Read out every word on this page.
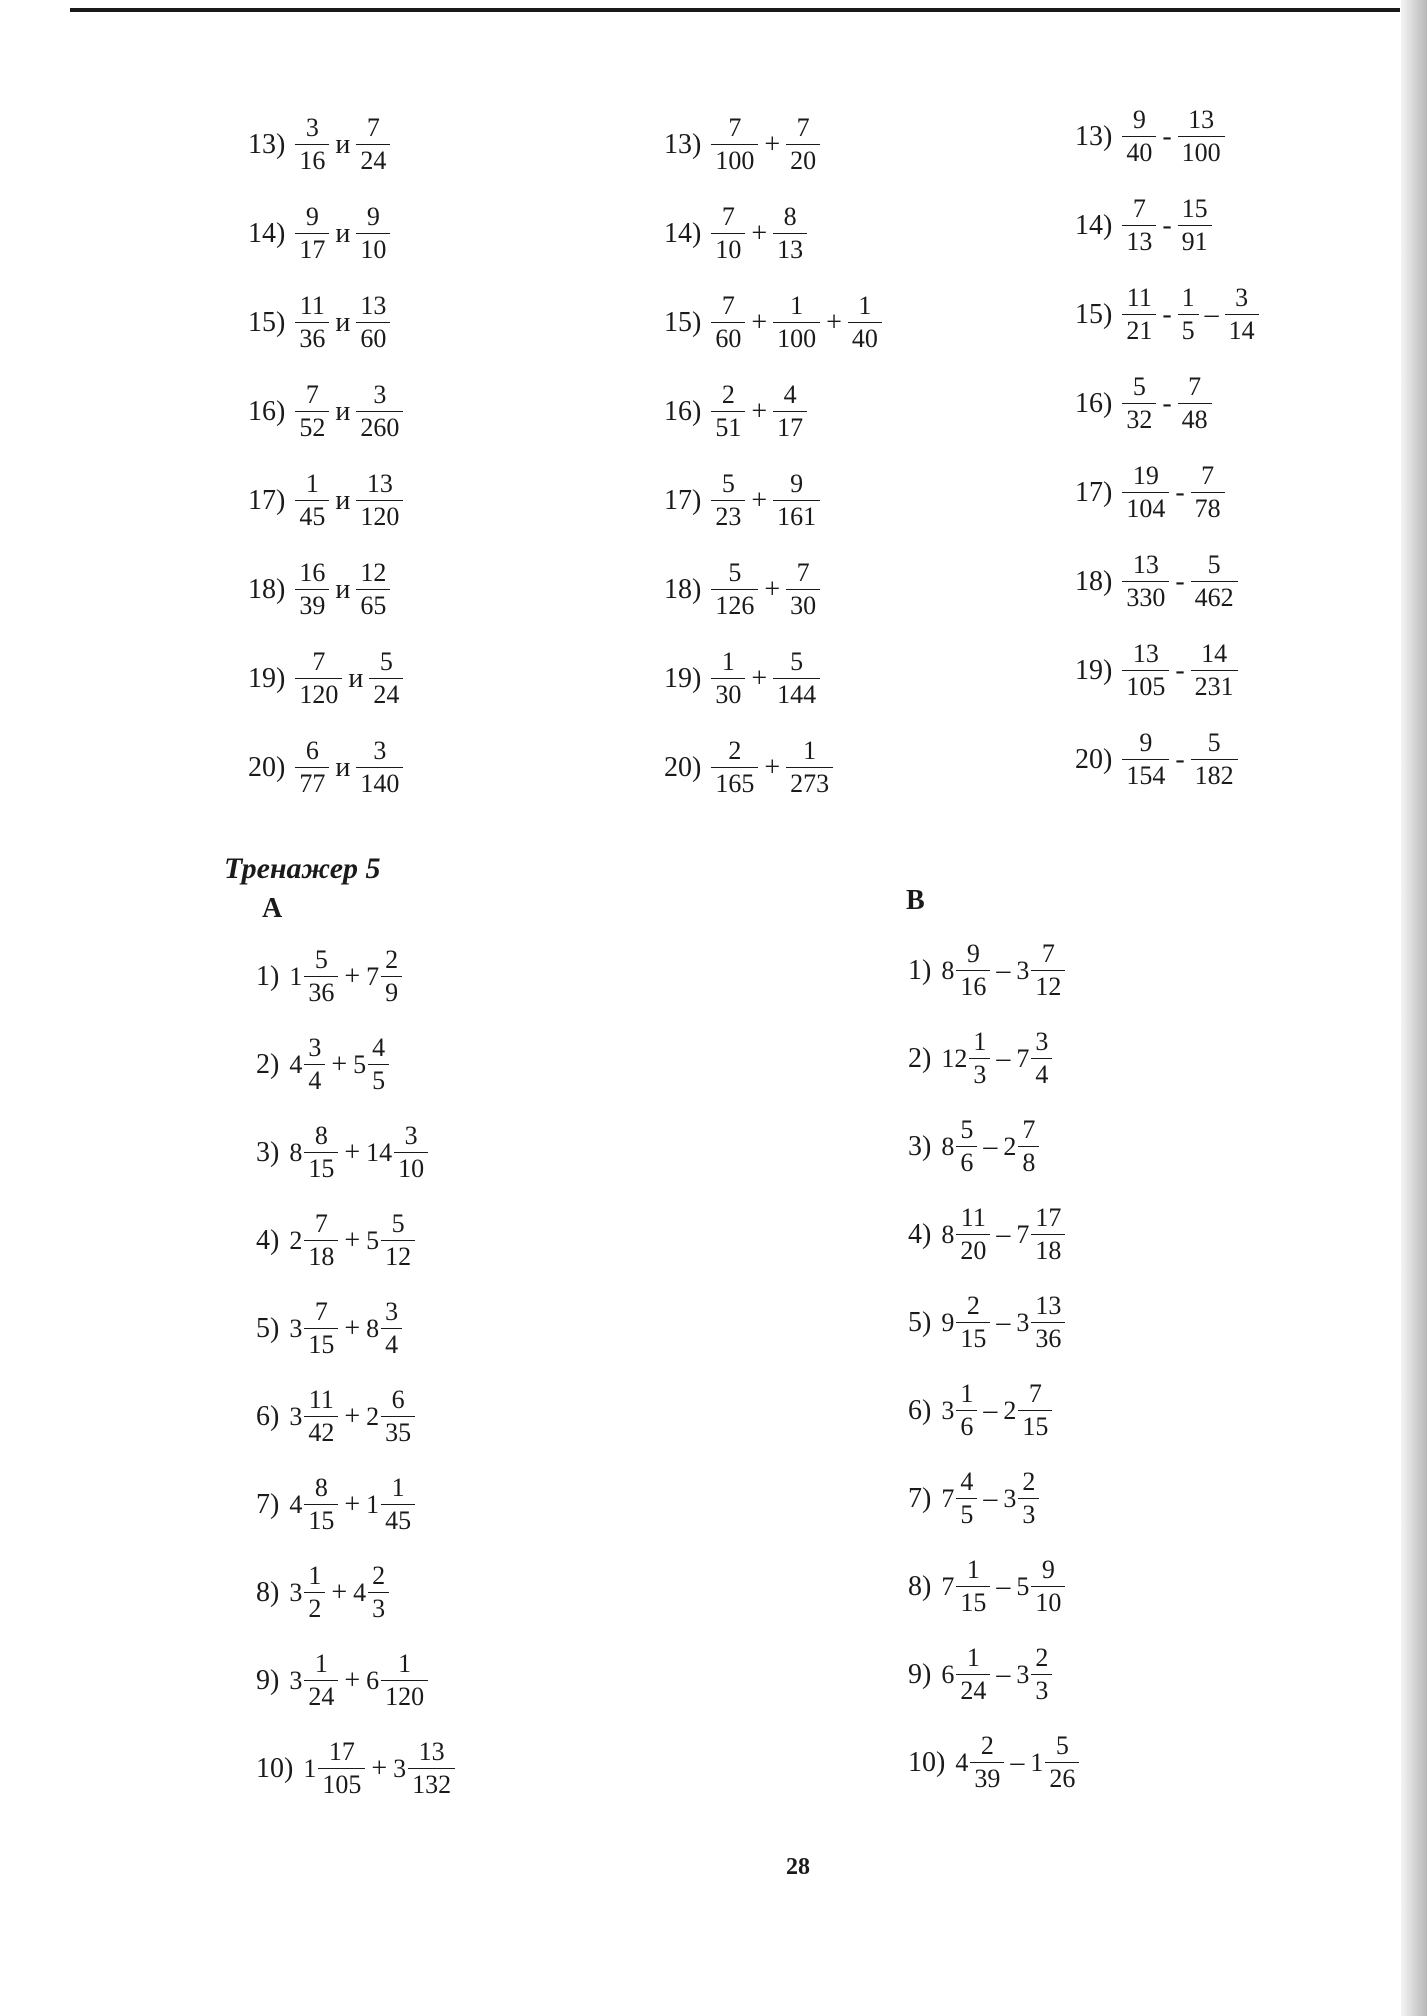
$13) \frac{3}{16}$ и $\frac{7}{24}$
$14) \frac{9}{17}$ и $\frac{9}{10}$
$15) \frac{11}{36}$ и $\frac{13}{60}$
$16) \frac{7}{52}$ и $\frac{3}{260}$
$17) \frac{1}{45}$ и $\frac{13}{120}$
$18) \frac{16}{39}$ и $\frac{12}{65}$
$19) \frac{7}{120}$ и $\frac{5}{24}$
$20) \frac{6}{77}$ и $\frac{3}{140}$
$13) \frac{7}{100} + \frac{7}{20}$
$14) \frac{7}{10} + \frac{8}{13}$
$15) \frac{7}{60} + \frac{1}{100} + \frac{1}{40}$
$16) \frac{2}{51} + \frac{4}{17}$
$17) \frac{5}{23} + \frac{9}{161}$
$18) \frac{5}{126} + \frac{7}{30}$
$19) \frac{1}{30} + \frac{5}{144}$
$20) \frac{2}{165} + \frac{1}{273}$
$13) \frac{9}{40} - \frac{13}{100}$
$14) \frac{7}{13} - \frac{15}{91}$
$15) \frac{11}{21} - \frac{1}{5} - \frac{3}{14}$
$16) \frac{5}{32} - \frac{7}{48}$
$17) \frac{19}{104} - \frac{7}{78}$
$18) \frac{13}{330} - \frac{5}{462}$
$19) \frac{13}{105} - \frac{14}{231}$
$20) \frac{9}{154} - \frac{5}{182}$
1) $1 \frac{5}{36} + 7 \frac{2}{9}$
2) $4 \frac{3}{4} + 5 \frac{4}{5}$
3) $8 \frac{8}{15} + 14 \frac{3}{10}$
4) $2 \frac{7}{18} + 5 \frac{5}{12}$
5) $3 \frac{7}{15} + 8 \frac{3}{4}$
6) $3 \frac{11}{42} + 2 \frac{6}{35}$
7) $4 \frac{8}{15} + 1 \frac{1}{45}$
8) $3 \frac{1}{2} + 4 \frac{2}{3}$
9) $3 \frac{1}{24} + 6 \frac{1}{120}$
10) $1 \frac{17}{105} + 3 \frac{13}{132}$
1) $8 \frac{9}{16} - 3 \frac{7}{12}$
2) $12 \frac{1}{3} - 7 \frac{3}{4}$
3) $8 \frac{5}{6} - 2 \frac{7}{8}$
4) $8 \frac{11}{20} - 7 \frac{17}{18}$
5) $9 \frac{2}{15} - 3 \frac{13}{36}$
6) $3 \frac{1}{6} - 2 \frac{7}{15}$
7) $7 \frac{4}{5} - 3 \frac{2}{3}$
8) $7 \frac{1}{15} - 5 \frac{9}{10}$
9) $6 \frac{1}{24} - 3 \frac{2}{3}$
10) $4 \frac{2}{39} - 1 \frac{5}{26}$
Тренажер 5
А	В
28
